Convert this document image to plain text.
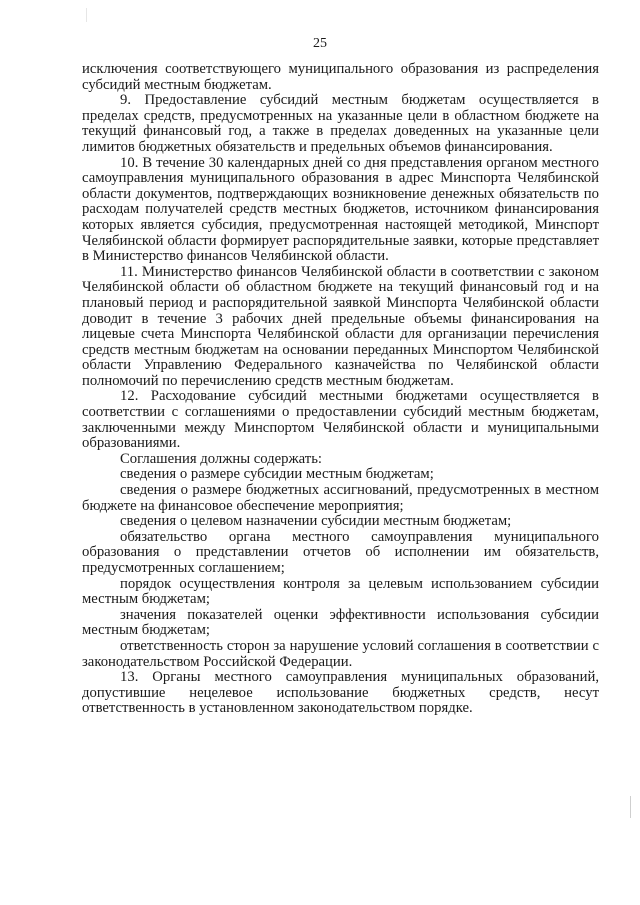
25

исключения соответствующего муниципального образования из распределения субсидий местным бюджетам.

9. Предоставление субсидий местным бюджетам осуществляется в пределах средств, предусмотренных на указанные цели в областном бюджете на текущий финансовый год, а также в пределах доведенных на указанные цели лимитов бюджетных обязательств и предельных объемов финансирования.

10. В течение 30 календарных дней со дня представления органом местного самоуправления муниципального образования в адрес Минспорта Челябинской области документов, подтверждающих возникновение денежных обязательств по расходам получателей средств местных бюджетов, источником финансирования которых является субсидия, предусмотренная настоящей методикой, Минспорт Челябинской области формирует распорядительные заявки, которые представляет в Министерство финансов Челябинской области.

11. Министерство финансов Челябинской области в соответствии с законом Челябинской области об областном бюджете на текущий финансовый год и на плановый период и распорядительной заявкой Минспорта Челябинской области доводит в течение 3 рабочих дней предельные объемы финансирования на лицевые счета Минспорта Челябинской области для организации перечисления средств местным бюджетам на основании переданных Минспортом Челябинской области Управлению Федерального казначейства по Челябинской области полномочий по перечислению средств местным бюджетам.

12. Расходование субсидий местными бюджетами осуществляется в соответствии с соглашениями о предоставлении субсидий местным бюджетам, заключенными между Минспортом Челябинской области и муниципальными образованиями.

Соглашения должны содержать:

сведения о размере субсидии местным бюджетам;

сведения о размере бюджетных ассигнований, предусмотренных в местном бюджете на финансовое обеспечение мероприятия;

сведения о целевом назначении субсидии местным бюджетам;

обязательство органа местного самоуправления муниципального образования о представлении отчетов об исполнении им обязательств, предусмотренных соглашением;

порядок осуществления контроля за целевым использованием субсидии местным бюджетам;

значения показателей оценки эффективности использования субсидии местным бюджетам;

ответственность сторон за нарушение условий соглашения в соответствии с законодательством Российской Федерации.

13. Органы местного самоуправления муниципальных образований, допустившие нецелевое использование бюджетных средств, несут ответственность в установленном законодательством порядке.
